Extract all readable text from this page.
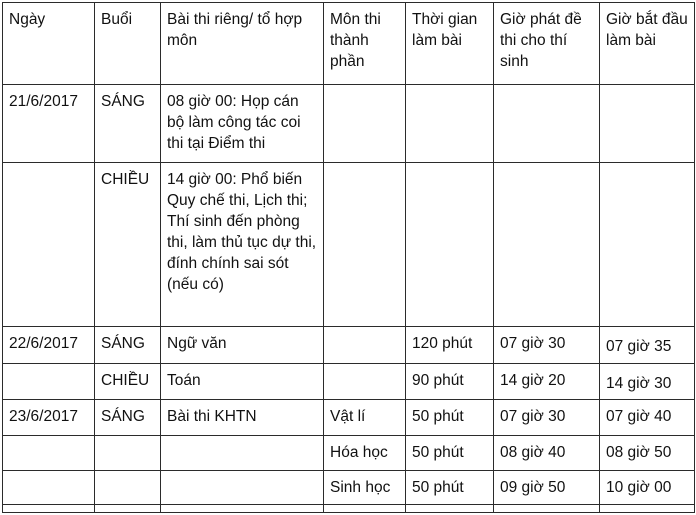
Ngày	Buổi	Bài thi riêng/ tổ hợp môn	Môn thi thành phần	Thời gian làm bài	Giờ phát đề thi cho thí sinh	Giờ bắt đầu làm bài
21/6/2017	SÁNG	08 giờ 00: Họp cán bộ làm công tác coi thi tại Điểm thi				
	CHIỀU	14 giờ 00: Phổ biến Quy chế thi, Lịch thi; Thí sinh đến phòng thi, làm thủ tục dự thi, đính chính sai sót (nếu có)				
22/6/2017	SÁNG	Ngữ văn		120 phút	07 giờ 30	07 giờ 35
	CHIỀU	Toán		90 phút	14 giờ 20	14 giờ 30
23/6/2017	SÁNG	Bài thi KHTN	Vật lí	50 phút	07 giờ 30	07 giờ 40
			Hóa học	50 phút	08 giờ 40	08 giờ 50
			Sinh học	50 phút	09 giờ 50	10 giờ 00
